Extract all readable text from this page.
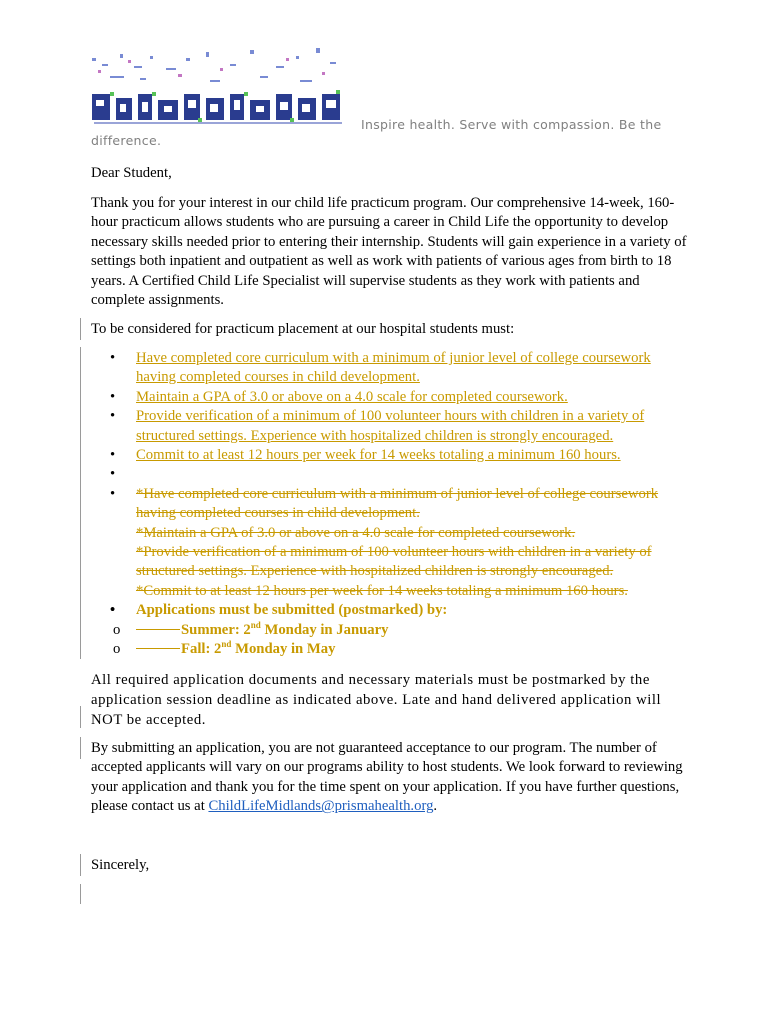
Inspire health. Serve with compassion. Be the
difference.
Dear Student,
Thank you for your interest in our child life practicum program. Our comprehensive 14-week, 160-hour practicum allows students who are pursuing a career in Child Life the opportunity to develop necessary skills needed prior to entering their internship. Students will gain experience in a variety of settings both inpatient and outpatient as well as work with patients of various ages from birth to 18 years. A Certified Child Life Specialist will supervise students as they work with patients and complete assignments.
To be considered for practicum placement at our hospital students must:
• Have completed core curriculum with a minimum of junior level of college coursework having completed courses in child development.
• Maintain a GPA of 3.0 or above on a 4.0 scale for completed coursework.
• Provide verification of a minimum of 100 volunteer hours with children in a variety of structured settings. Experience with hospitalized children is strongly encouraged.
• Commit to at least 12 hours per week for 14 weeks totaling a minimum 160 hours.
•

• *Have completed core curriculum with a minimum of junior level of college coursework having completed courses in child development.
*Maintain a GPA of 3.0 or above on a 4.0 scale for completed coursework.
*Provide verification of a minimum of 100 volunteer hours with children in a variety of structured settings. Experience with hospitalized children is strongly encouraged.
*Commit to at least 12 hours per week for 14 weeks totaling a minimum 160 hours.
• Applications must be submitted (postmarked) by:
o	Summer: 2nd Monday in January
o	Fall: 2nd Monday in May
All required application documents and necessary materials must be postmarked by the application session deadline as indicated above. Late and hand delivered application will NOT be accepted.
By submitting an application, you are not guaranteed acceptance to our program. The number of accepted applicants will vary on our programs ability to host students. We look forward to reviewing your application and thank you for the time spent on your application. If you have further questions, please contact us at ChildLifeMidlands@prismahealth.org.
Sincerely,
